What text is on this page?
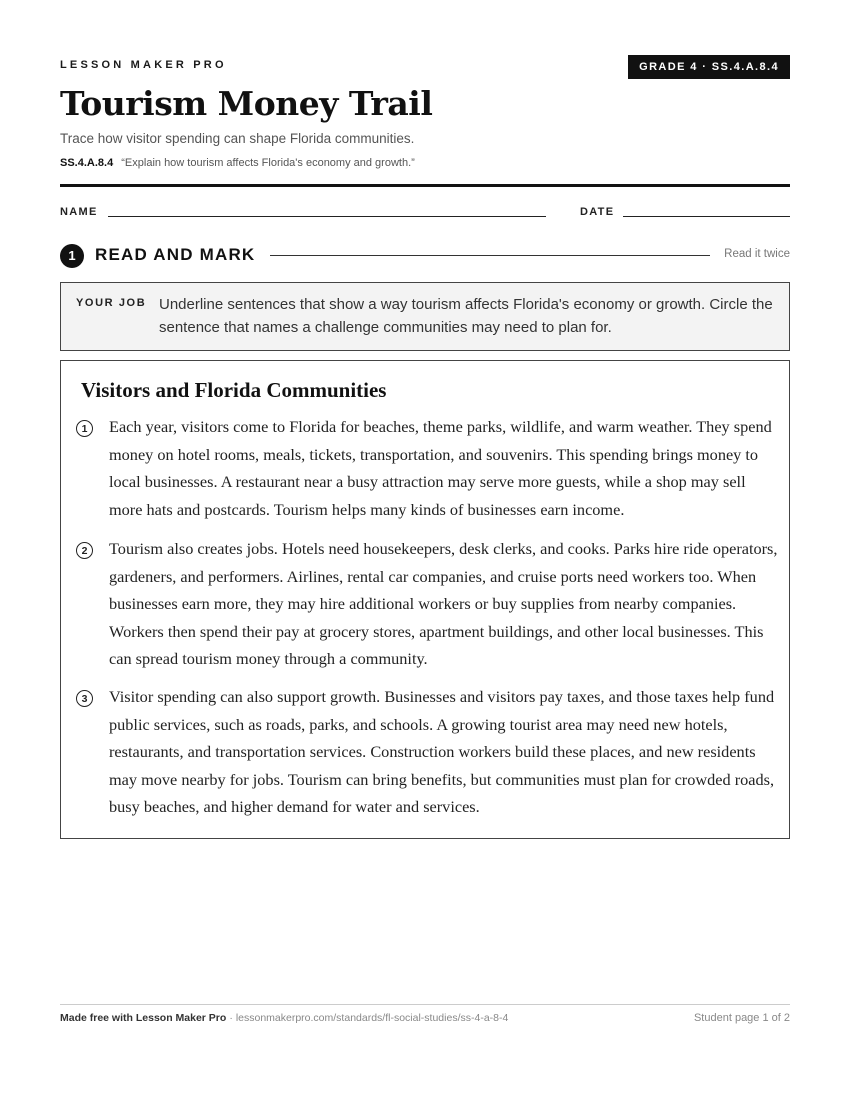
LESSON MAKER PRO	GRADE 4 · SS.4.A.8.4
Tourism Money Trail
Trace how visitor spending can shape Florida communities.
SS.4.A.8.4 “Explain how tourism affects Florida's economy and growth.”
NAME	DATE
1	READ AND MARK	Read it twice
YOUR JOB Underline sentences that show a way tourism affects Florida's economy or growth. Circle the sentence that names a challenge communities may need to plan for.
Visitors and Florida Communities
1	Each year, visitors come to Florida for beaches, theme parks, wildlife, and warm weather. They spend money on hotel rooms, meals, tickets, transportation, and souvenirs. This spending brings money to local businesses. A restaurant near a busy attraction may serve more guests, while a shop may sell more hats and postcards. Tourism helps many kinds of businesses earn income.

2	Tourism also creates jobs. Hotels need housekeepers, desk clerks, and cooks. Parks hire ride operators, gardeners, and performers. Airlines, rental car companies, and cruise ports need workers too. When businesses earn more, they may hire additional workers or buy supplies from nearby companies. Workers then spend their pay at grocery stores, apartment buildings, and other local businesses. This can spread tourism money through a community.

3	Visitor spending can also support growth. Businesses and visitors pay taxes, and those taxes help fund public services, such as roads, parks, and schools. A growing tourist area may need new hotels, restaurants, and transportation services. Construction workers build these places, and new residents may move nearby for jobs. Tourism can bring benefits, but communities must plan for crowded roads, busy beaches, and higher demand for water and services.

Made free with Lesson Maker Pro · lessonmakerpro.com/standards/fl-social-studies/ss-4-a-8-4	Student page 1 of 2
